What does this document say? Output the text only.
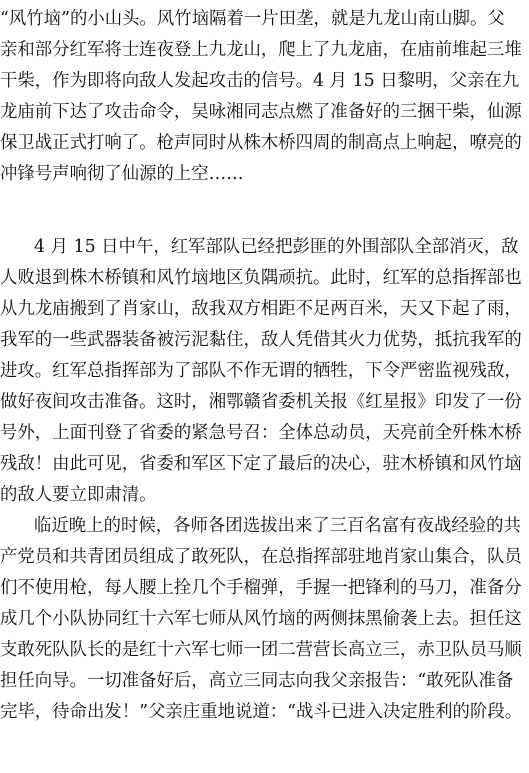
“风竹垴”的小山头。风竹垴隔着一片田垄，就是九龙山南山脚。父
亲和部分红军将士连夜登上九龙山，爬上了九龙庙，在庙前堆起三堆
干柴，作为即将向敌人发起攻击的信号。4 月 15 日黎明，父亲在九
龙庙前下达了攻击命令，吴咏湘同志点燃了准备好的三捆干柴，仙源
保卫战正式打响了。枪声同时从株木桥四周的制高点上响起，嘹亮的
冲锋号声响彻了仙源的上空……
4 月 15 日中午，红军部队已经把彭匪的外围部队全部消灭，敌
人败退到株木桥镇和风竹垴地区负隅顽抗。此时，红军的总指挥部也
从九龙庙搬到了肖家山，敌我双方相距不足两百米，天又下起了雨，
我军的一些武器装备被污泥黏住，敌人凭借其火力优势，抵抗我军的
进攻。红军总指挥部为了部队不作无谓的牺牲，下令严密监视残敌，
做好夜间攻击准备。这时，湘鄂赣省委机关报《红星报》印发了一份
号外，上面刊登了省委的紧急号召：全体总动员，天亮前全歼株木桥
残敌！由此可见，省委和军区下定了最后的决心，驻木桥镇和风竹垴
的敌人要立即肃清。
临近晚上的时候，各师各团选拔出来了三百名富有夜战经验的共
产党员和共青团员组成了敢死队，在总指挥部驻地肖家山集合，队员
们不使用枪，每人腰上拴几个手榴弹，手握一把锋利的马刀，准备分
成几个小队协同红十六军七师从风竹垴的两侧抹黑偷袭上去。担任这
支敢死队队长的是红十六军七师一团二营营长高立三，赤卫队员马顺
担任向导。一切准备好后，高立三同志向我父亲报告：“敢死队准备
完毕，待命出发！”父亲庄重地说道：“战斗已进入决定胜利的阶段。
